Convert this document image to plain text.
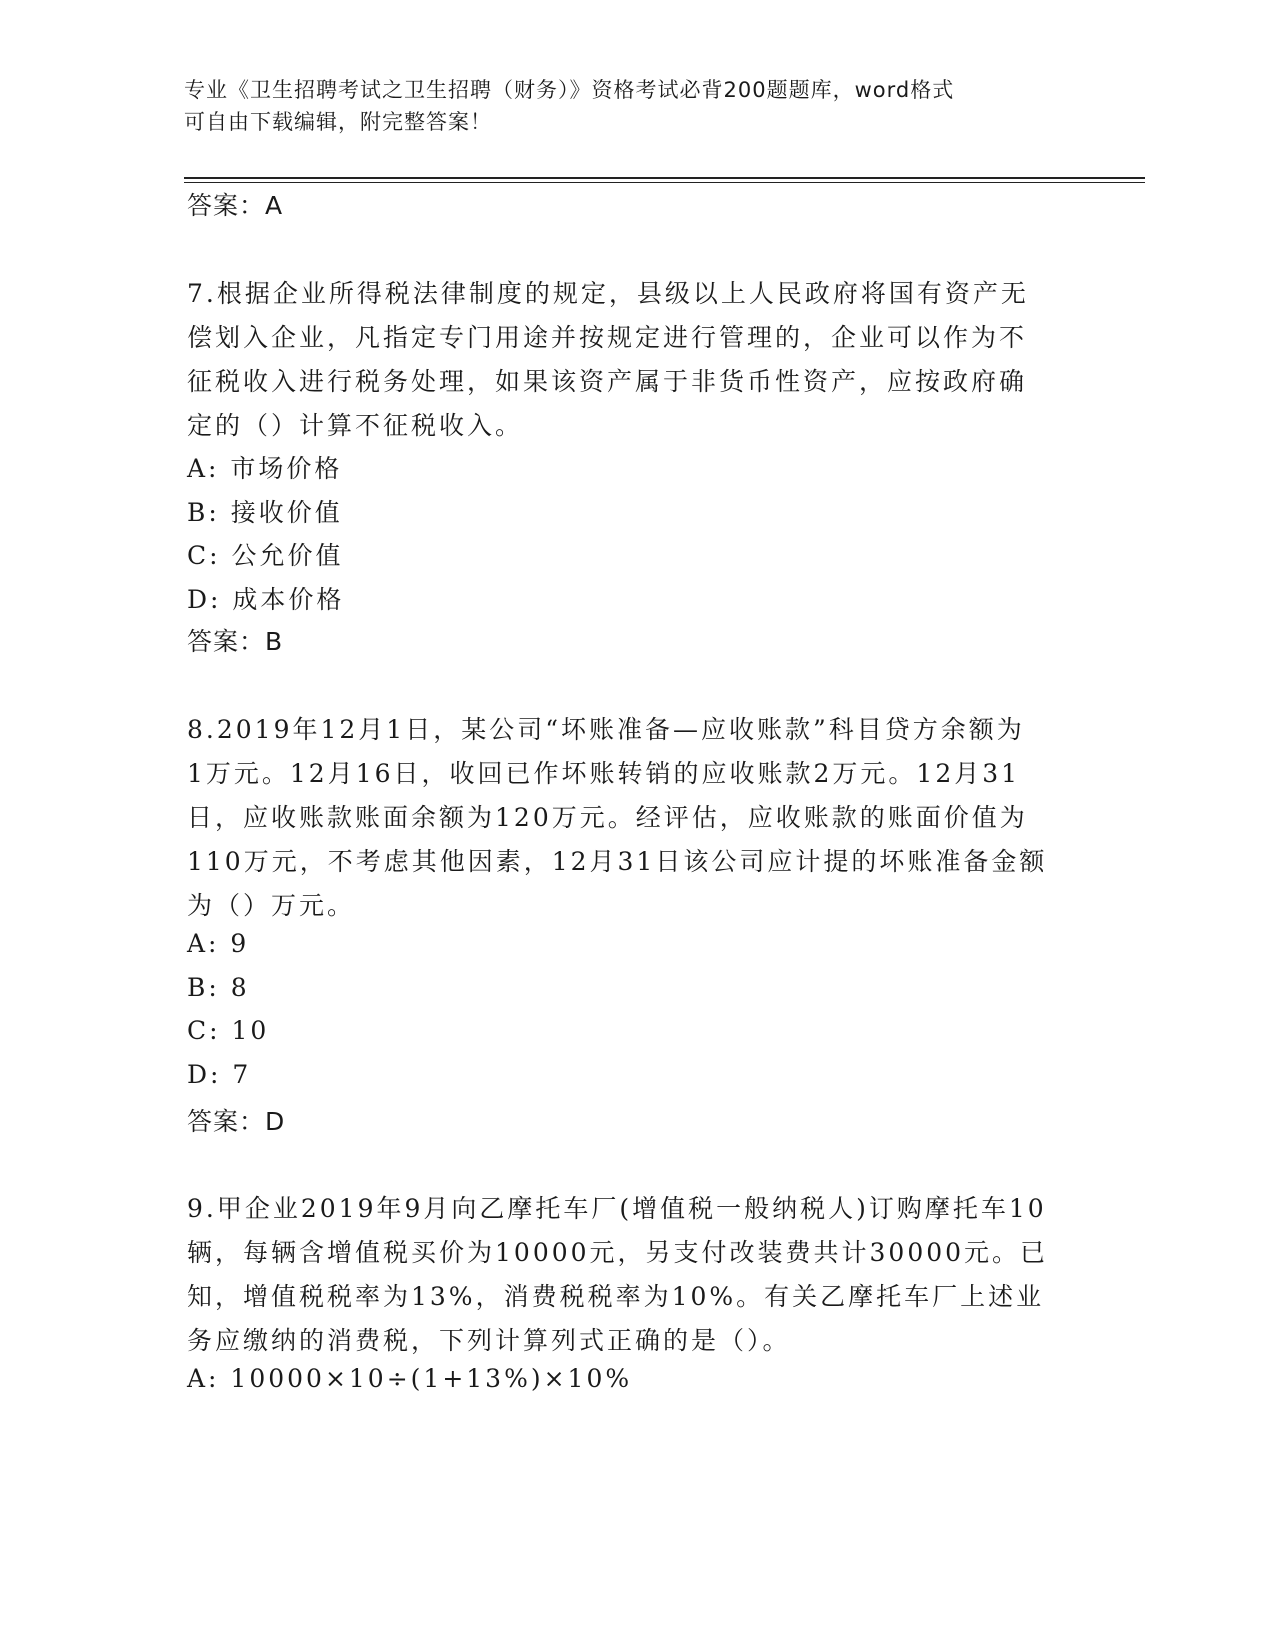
专业《卫生招聘考试之卫生招聘（财务）》资格考试必背200题题库，word格式
可自由下载编辑，附完整答案！
答案：A
7.根据企业所得税法律制度的规定，县级以上人民政府将国有资产无
偿划入企业，凡指定专门用途并按规定进行管理的，企业可以作为不
征税收入进行税务处理，如果该资产属于非货币性资产，应按政府确
定的（）计算不征税收入。
A: 市场价格
B: 接收价值
C: 公允价值
D: 成本价格
答案：B
8.2019年12月1日，某公司“坏账准备—应收账款”科目贷方余额为
1万元。12月16日，收回已作坏账转销的应收账款2万元。12月31
日，应收账款账面余额为120万元。经评估，应收账款的账面价值为
110万元，不考虑其他因素，12月31日该公司应计提的坏账准备金额
为（）万元。
A: 9
B: 8
C: 10
D: 7
答案：D
9.甲企业2019年9月向乙摩托车厂(增值税一般纳税人)订购摩托车10
辆，每辆含增值税买价为10000元，另支付改装费共计30000元。已
知，增值税税率为13%，消费税税率为10%。有关乙摩托车厂上述业
务应缴纳的消费税，下列计算列式正确的是（）。
A: 10000×10÷(1+13%)×10%
